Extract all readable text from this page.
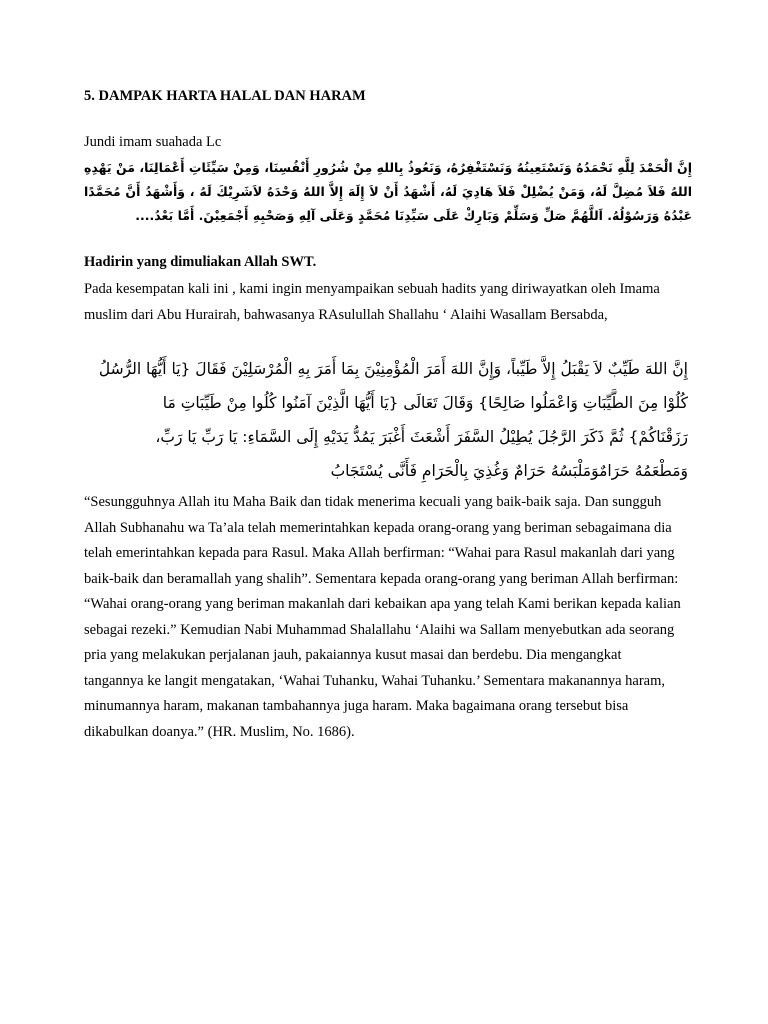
5. DAMPAK HARTA HALAL DAN HARAM

Jundi imam suahada Lc

إِنَّ الْحَمْدَ لِلَّهِ نَحْمَدُهُ وَنَسْتَعِينُهُ وَنَسْتَغْفِرُهُ، وَنَعُوذُ بِاللهِ مِنْ شُرُورِ أَنْفُسِنَا، وَمِنْ سَيِّئَاتِ أَعْمَالِنَا، مَنْ يَهْدِهِ اللهُ فَلاَ مُضِلَّ لَهُ، وَمَنْ يُضْلِلْ فَلاَ هَادِيَ لَهُ، أَشْهَدُ أَنْ لاَ إِلَهَ إِلاَّ اللهُ وَحْدَهُ لاَشَرِيْكَ لَهُ ، وَأَشْهَدُ أَنَّ مُحَمَّدًا عَبْدُهُ وَرَسُوْلُهُ. اَللَّهُمَّ صَلِّ وَسَلِّمْ وَبَارِكْ عَلَى سَيِّدِنَا مُحَمَّدٍ وَعَلَى آلِهِ وَصَحْبِهِ أَجْمَعِيْنَ. أَمَّا بَعْدُ....

Hadirin yang dimuliakan Allah SWT.

Pada kesempatan kali ini , kami ingin menyampaikan sebuah hadits yang diriwayatkan oleh Imama muslim dari Abu Hurairah, bahwasanya RAsulullah Shallahu ‘ Alaihi Wasallam Bersabda,

إِنَّ اللهَ طَيِّبٌ لاَ يَقْبَلُ إِلاَّ طَيِّباً، وَإِنَّ اللهَ أَمَرَ الْمُؤْمِنِيْنَ بِمَا أَمَرَ بِهِ الْمُرْسَلِيْنَ فَقَالَ {يَا أَيُّهَا الرُّسُلُ
كُلُوْا مِنَ الطَّيِّبَاتِ وَاعْمَلُوا صَالِحًا} وَقَالَ تَعَالَى {يَا أَيُّهَا الَّذِيْنَ آمَنُوا كُلُوا مِنْ طَيِّبَاتِ مَا
رَزَقْنَاكُمْ} ثُمَّ ذَكَرَ الرَّجُلَ يُطِيْلُ السَّفَرَ أَشْعَثَ أَغْبَرَ يَمُدُّ يَدَيْهِ إِلَى السَّمَاءِ: يَا رَبِّ يَا رَبِّ،
وَمَطْعَمُهُ حَرَامٌوَمَلْبَسُهُ حَرَامٌ وَغُذِيَ بِالْحَرَامِ فَأَنَّى يُسْتَجَابُ

“Sesungguhnya Allah itu Maha Baik dan tidak menerima kecuali yang baik-baik saja. Dan sungguh Allah Subhanahu wa Ta’ala telah memerintahkan kepada orang-orang yang beriman sebagaimana dia telah emerintahkan kepada para Rasul. Maka Allah berfirman: “Wahai para Rasul makanlah dari yang baik-baik dan beramallah yang shalih”. Sementara kepada orang-orang yang beriman Allah berfirman: “Wahai orang-orang yang beriman makanlah dari kebaikan apa yang telah Kami berikan kepada kalian sebagai rezeki.” Kemudian Nabi Muhammad Shalallahu ‘Alaihi wa Sallam menyebutkan ada seorang pria yang melakukan perjalanan jauh, pakaiannya kusut masai dan berdebu. Dia mengangkat tangannya ke langit mengatakan, ‘Wahai Tuhanku, Wahai Tuhanku.’ Sementara makanannya haram, minumannya haram, makanan tambahannya juga haram. Maka bagaimana orang tersebut bisa dikabulkan doanya.” (HR. Muslim, No. 1686).
